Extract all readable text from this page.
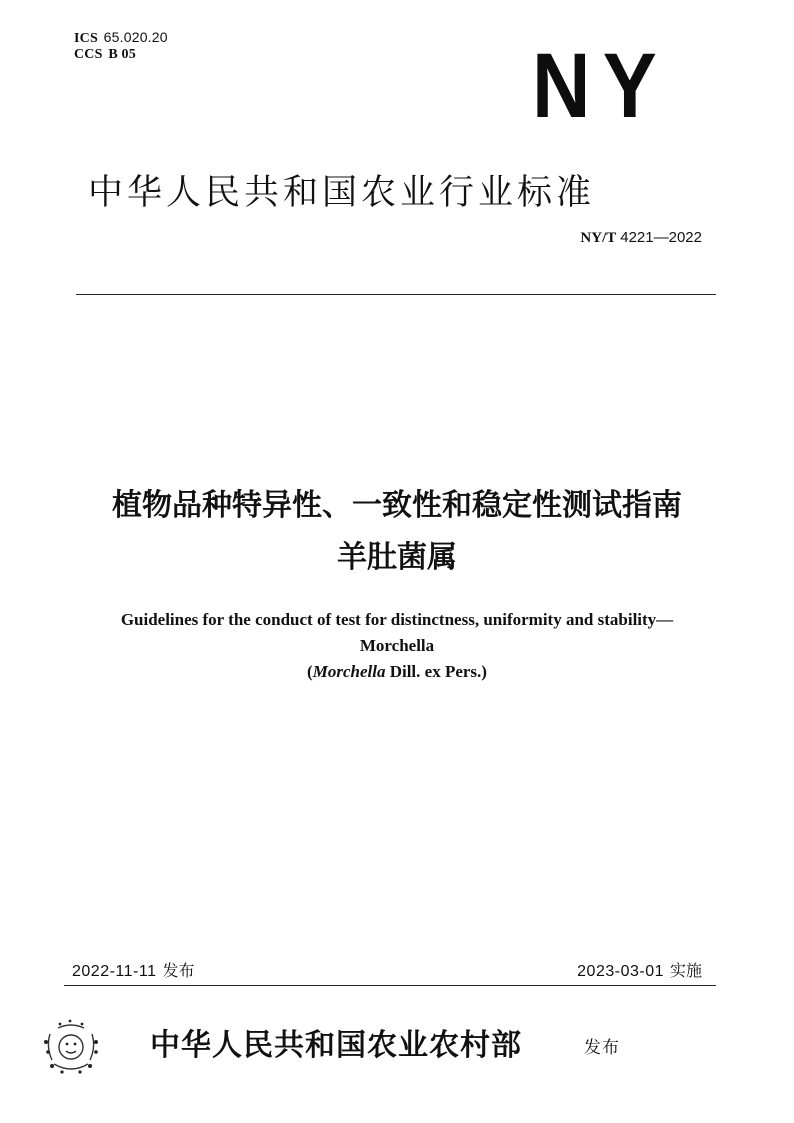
ICS 65.020.20
CCS B 05	NY
中华人民共和国农业行业标准
NY/T 4221—2022
植物品种特异性、一致性和稳定性测试指南
羊肚菌属
Guidelines for the conduct of test for distinctness, uniformity and stability—
Morchella
(Morchella Dill. ex Pers.)
2022-11-11 发布	2023-03-01 实施
中华人民共和国农业农村部	发布
